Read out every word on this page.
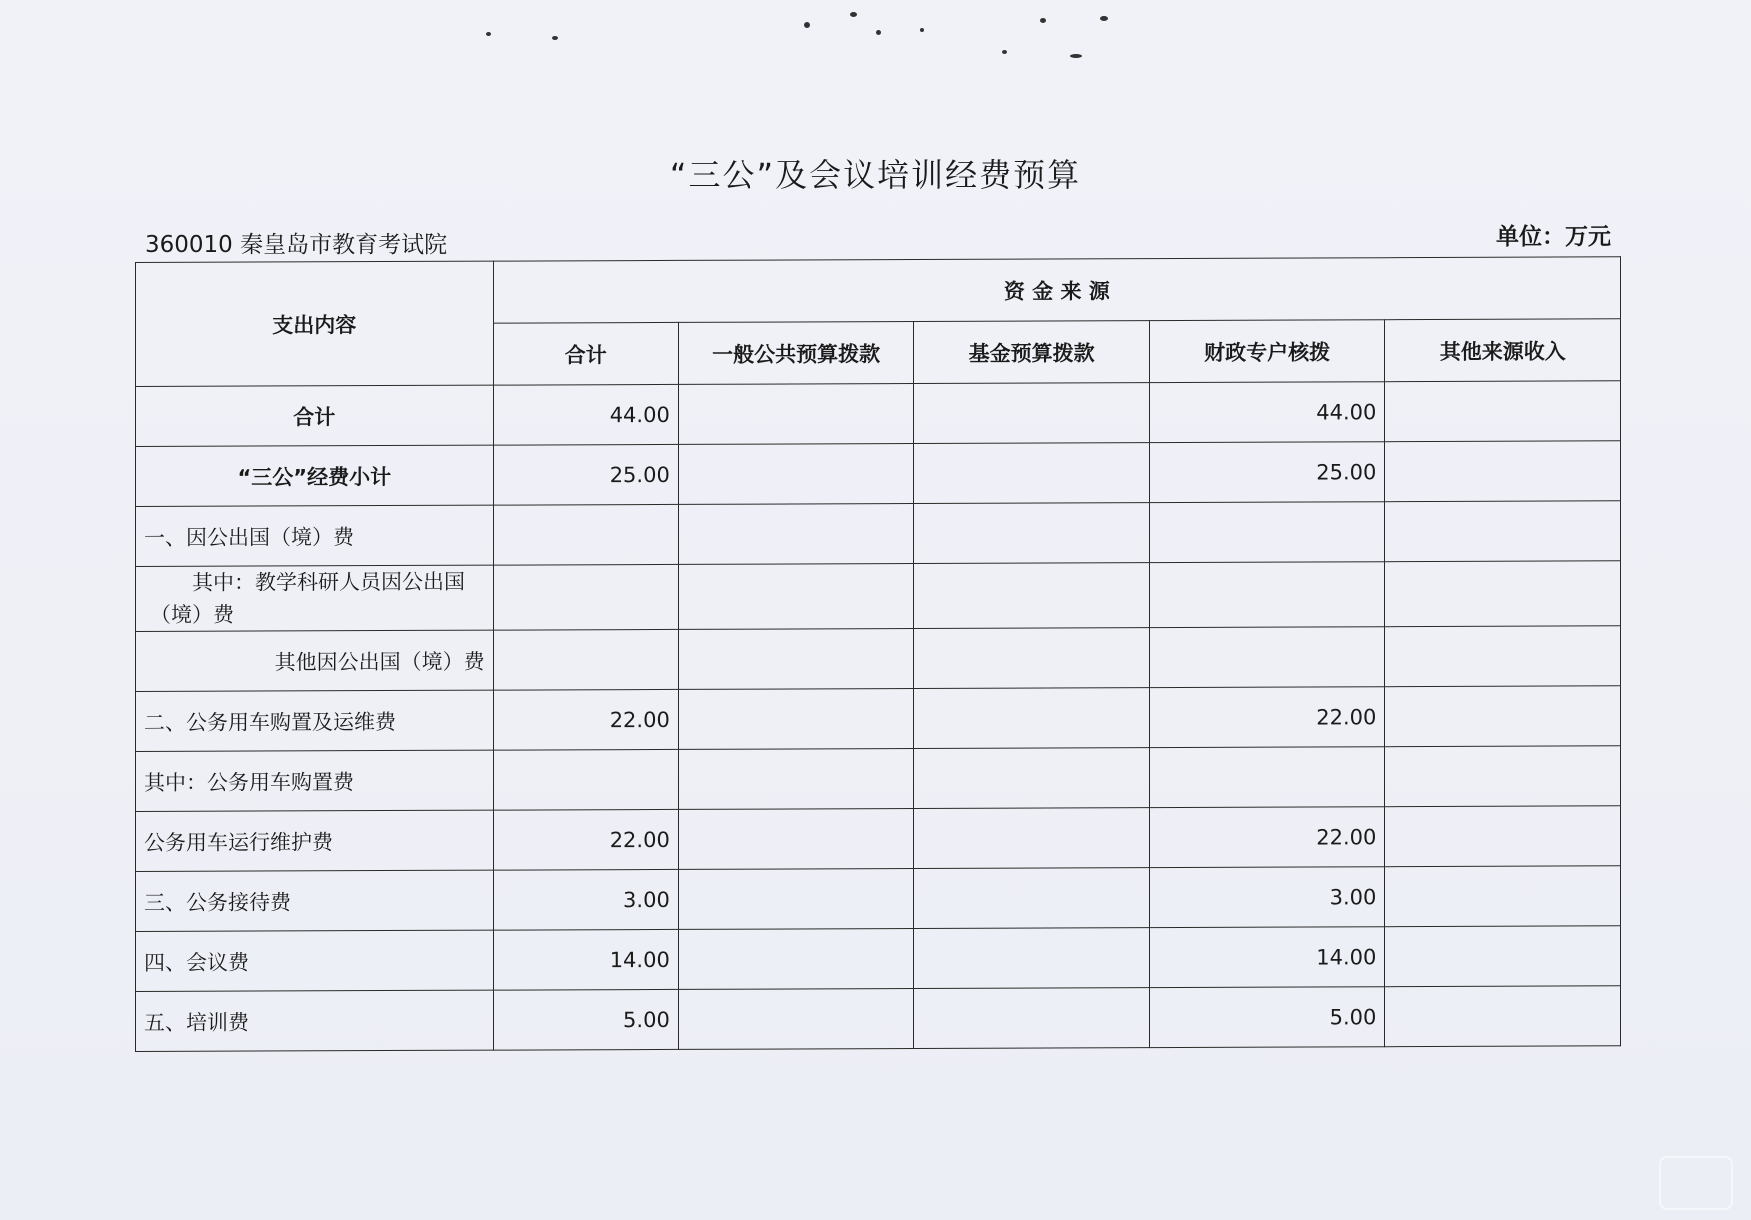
“三公”及会议培训经费预算
360010 秦皇岛市教育考试院	单位：万元
支出内容	资 金 来 源				
	合计	一般公共预算拨款	基金预算拨款	财政专户核拨	其他来源收入
合计	44.00			44.00	
“三公”经费小计	25.00			25.00	
一、因公出国（境）费					
其中：教学科研人员因公出国（境）费					
其他因公出国（境）费					
二、公务用车购置及运维费	22.00			22.00	
其中：公务用车购置费					
公务用车运行维护费	22.00			22.00	
三、公务接待费	3.00			3.00	
四、会议费	14.00			14.00	
五、培训费	5.00			5.00	
